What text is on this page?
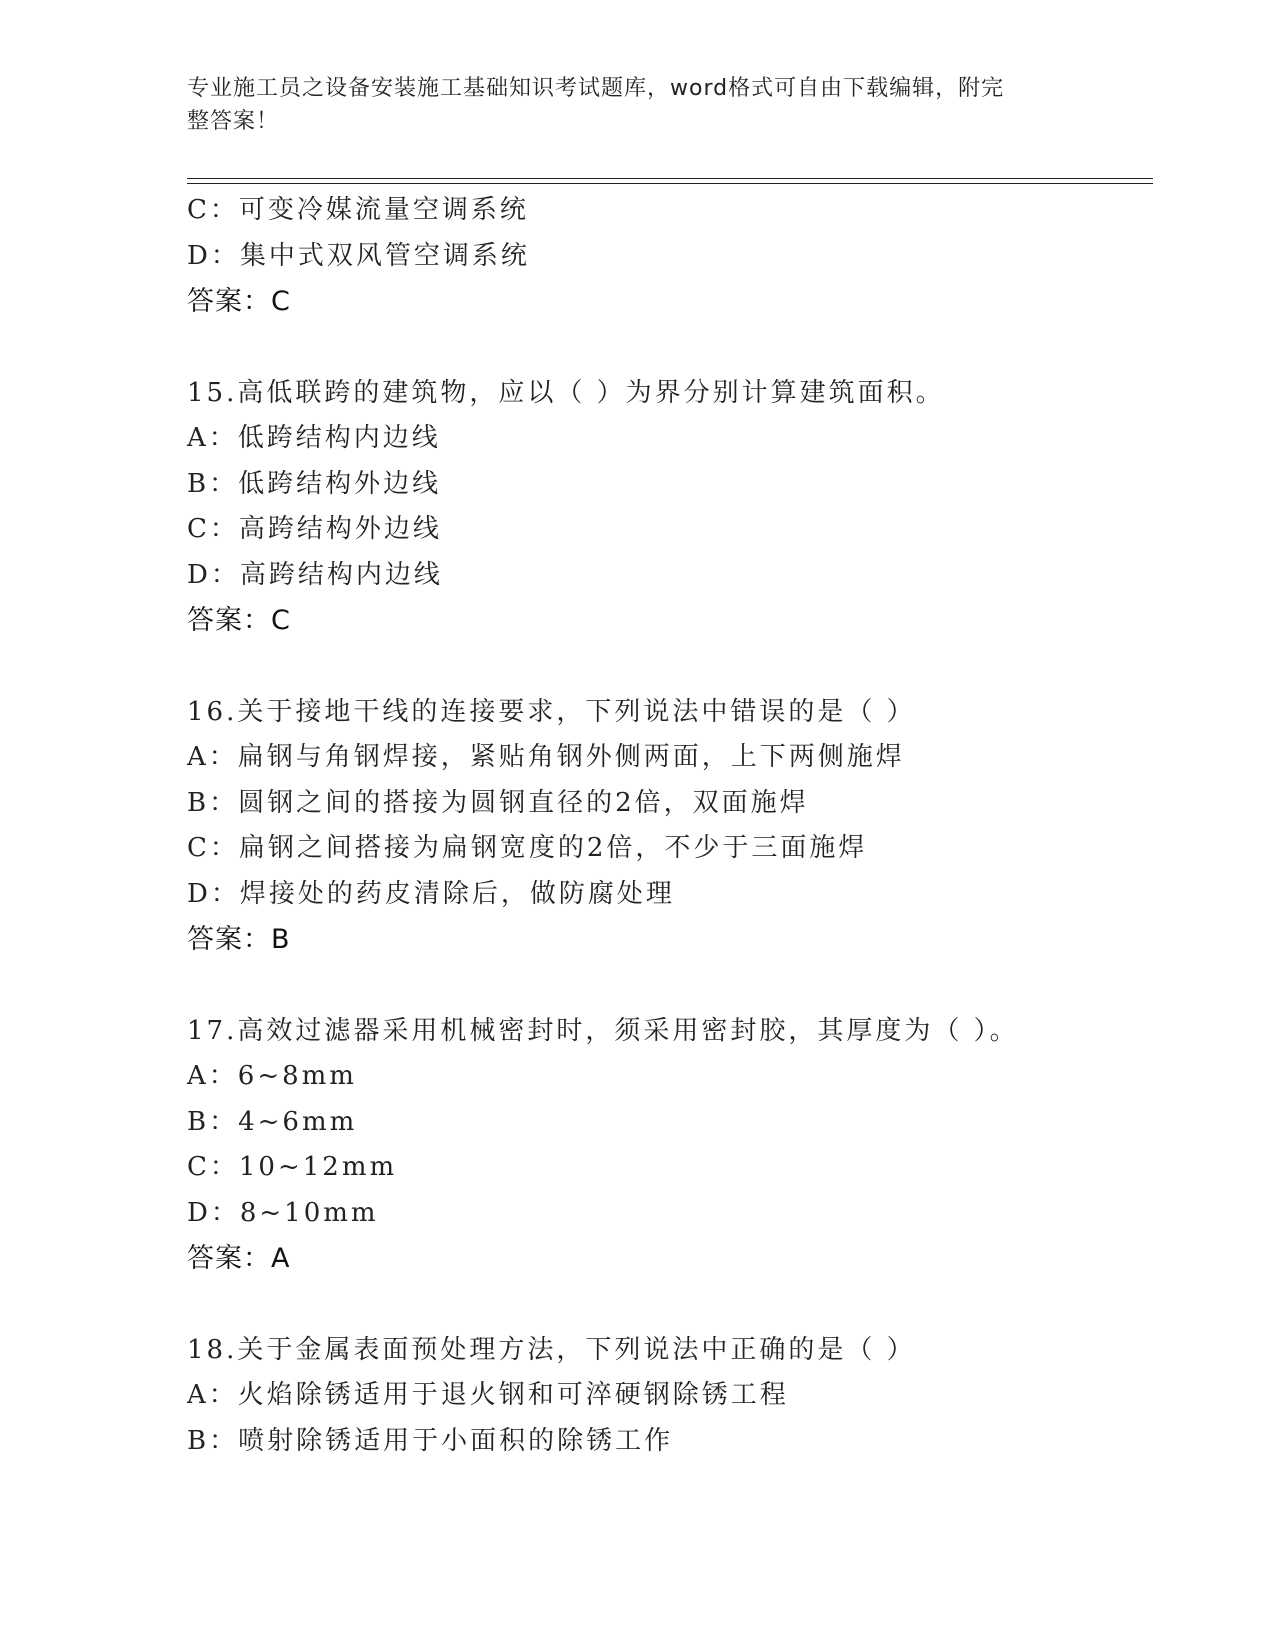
专业施工员之设备安装施工基础知识考试题库，word格式可自由下载编辑，附完
整答案！
C：可变冷媒流量空调系统
D：集中式双风管空调系统
答案：C
15.高低联跨的建筑物，应以（ ）为界分别计算建筑面积。
A：低跨结构内边线
B：低跨结构外边线
C：高跨结构外边线
D：高跨结构内边线
答案：C
16.关于接地干线的连接要求，下列说法中错误的是（ ）
A：扁钢与角钢焊接，紧贴角钢外侧两面，上下两侧施焊
B：圆钢之间的搭接为圆钢直径的2倍，双面施焊
C：扁钢之间搭接为扁钢宽度的2倍，不少于三面施焊
D：焊接处的药皮清除后，做防腐处理
答案：B
17.高效过滤器采用机械密封时，须采用密封胶，其厚度为（ ）。
A：6~8mm
B：4~6mm
C：10~12mm
D：8~10mm
答案：A
18.关于金属表面预处理方法，下列说法中正确的是（ ）
A：火焰除锈适用于退火钢和可淬硬钢除锈工程
B：喷射除锈适用于小面积的除锈工作
